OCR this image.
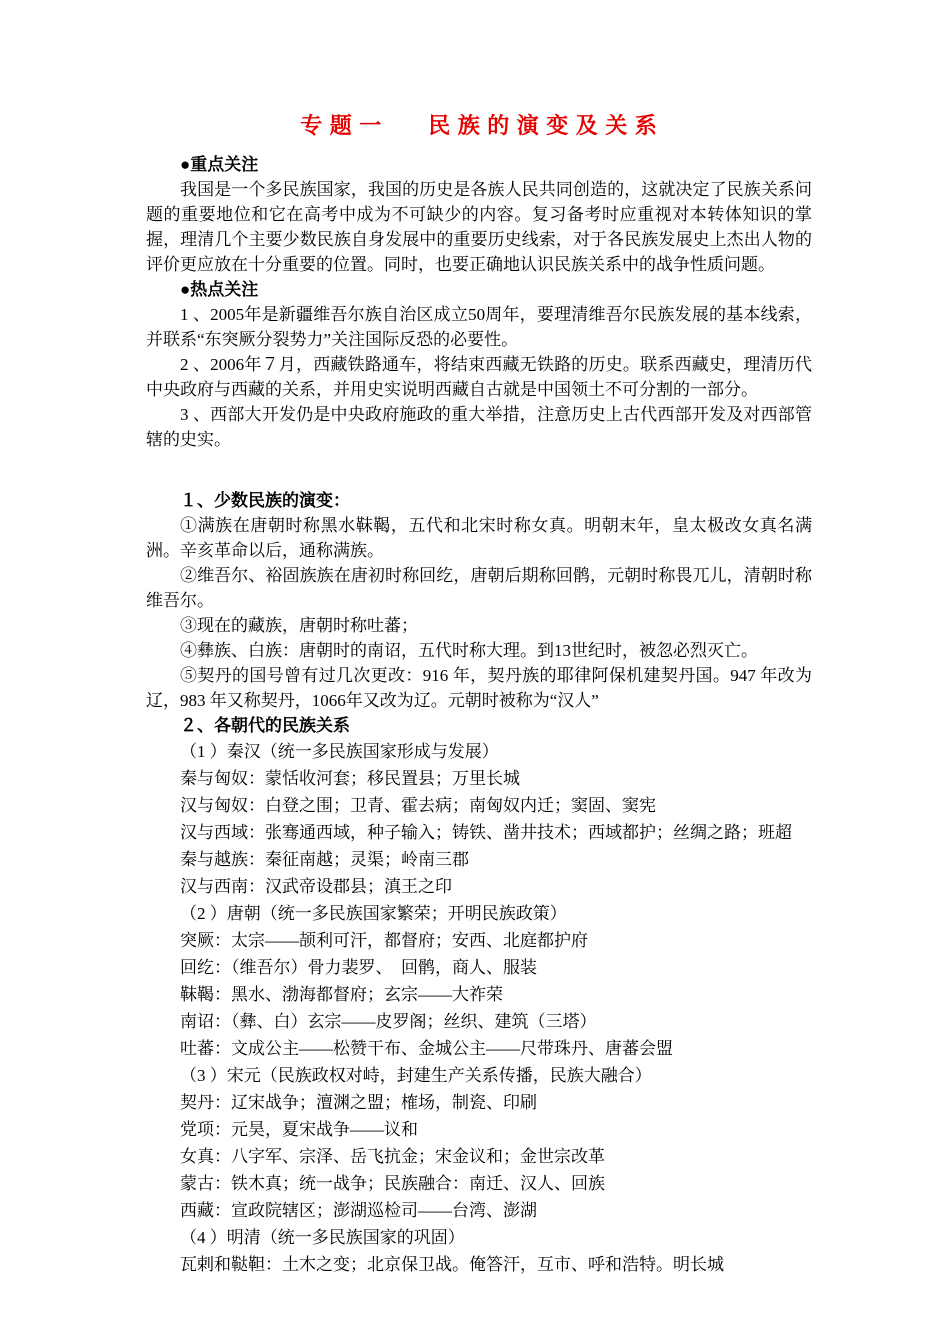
专 题 一　　民 族 的 演 变 及 关 系

●重点关注

我国是一个多民族国家，我国的历史是各族人民共同创造的，这就决定了民族关系问题的重要地位和它在高考中成为不可缺少的内容。复习备考时应重视对本转体知识的掌握，理清几个主要少数民族自身发展中的重要历史线索，对于各民族发展史上杰出人物的评价更应放在十分重要的位置。同时，也要正确地认识民族关系中的战争性质问题。

●热点关注

1 、2005年是新疆维吾尔族自治区成立50周年，要理清维吾尔民族发展的基本线索，并联系“东突厥分裂势力”关注国际反恐的必要性。

2 、2006年７月，西藏铁路通车，将结束西藏无铁路的历史。联系西藏史，理清历代中央政府与西藏的关系，并用史实说明西藏自古就是中国领土不可分割的一部分。

3 、西部大开发仍是中央政府施政的重大举措，注意历史上古代西部开发及对西部管辖的史实。

１、少数民族的演变：

①满族在唐朝时称黑水靺鞨，五代和北宋时称女真。明朝末年，皇太极改女真名满洲。辛亥革命以后，通称满族。

②维吾尔、裕固族族在唐初时称回纥，唐朝后期称回鹘，元朝时称畏兀儿，清朝时称维吾尔。

③现在的藏族，唐朝时称吐蕃；

④彝族、白族：唐朝时的南诏，五代时称大理。到13世纪时，被忽必烈灭亡。

⑤契丹的国号曾有过几次更改：916 年，契丹族的耶律阿保机建契丹国。947 年改为辽，983 年又称契丹，1066年又改为辽。元朝时被称为“汉人”

２、各朝代的民族关系

（1 ）秦汉（统一多民族国家形成与发展）

秦与匈奴：蒙恬收河套；移民置县；万里长城

汉与匈奴：白登之围；卫青、霍去病；南匈奴内迁；窦固、窦宪

汉与西域：张骞通西域，种子输入；铸铁、凿井技术；西域都护；丝绸之路；班超

秦与越族：秦征南越；灵渠；岭南三郡

汉与西南：汉武帝设郡县；滇王之印

（2 ）唐朝（统一多民族国家繁荣；开明民族政策）

突厥：太宗——颉利可汗，都督府；安西、北庭都护府

回纥：（维吾尔）骨力裴罗、　回鹘，商人、服装

靺鞨：黑水、渤海都督府；玄宗——大祚荣

南诏：（彝、白）玄宗——皮罗阁；丝织、建筑（三塔）

吐蕃：文成公主——松赞干布、金城公主——尺带珠丹、唐蕃会盟

（3 ）宋元（民族政权对峙，封建生产关系传播，民族大融合）

契丹：辽宋战争；澶渊之盟；榷场，制瓷、印刷

党项：元昊，夏宋战争——议和

女真：八字军、宗泽、岳飞抗金；宋金议和；金世宗改革

蒙古：铁木真；统一战争；民族融合：南迁、汉人、回族

西藏：宣政院辖区；澎湖巡检司——台湾、澎湖

（4 ）明清（统一多民族国家的巩固）

瓦剌和鞑靼：土木之变；北京保卫战。俺答汗，互市、呼和浩特。明长城
